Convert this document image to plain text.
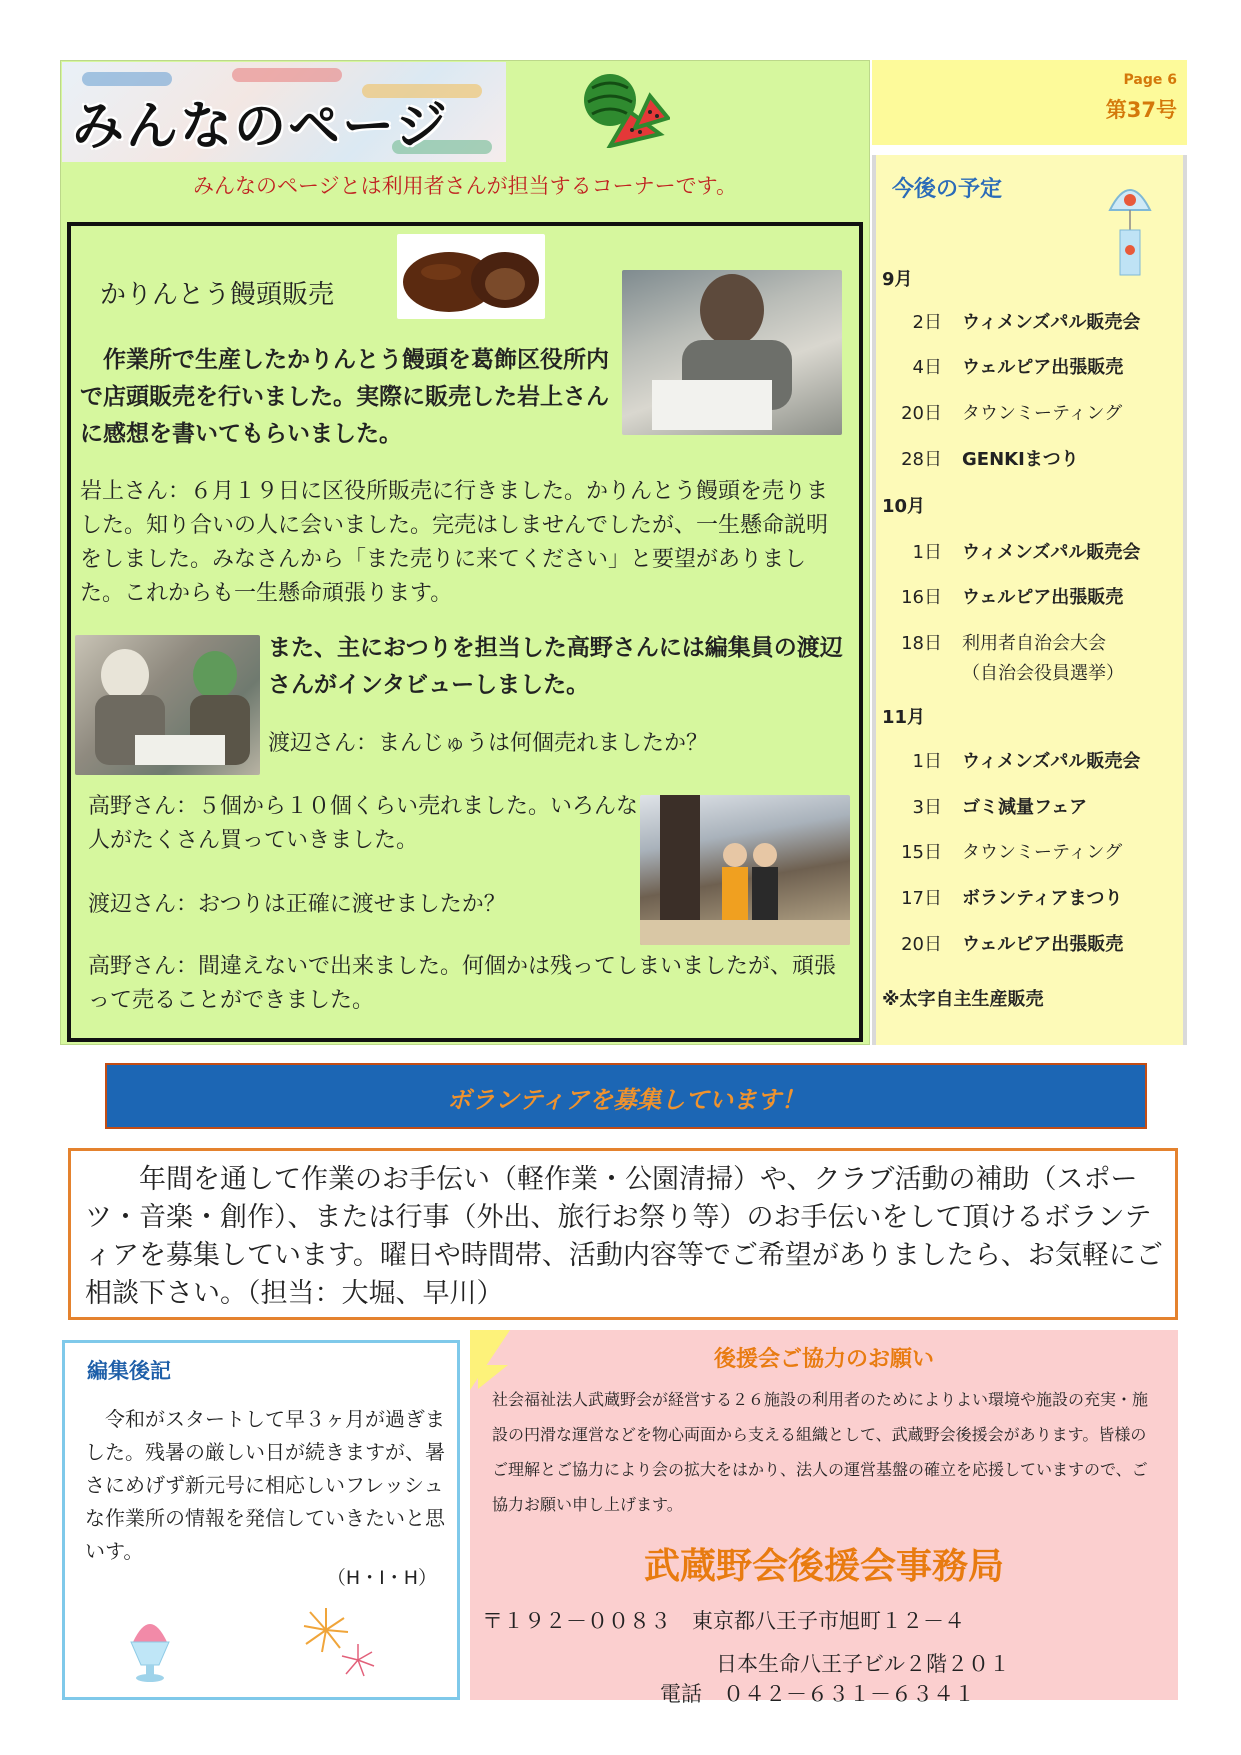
みんなのページ
みんなのページとは利用者さんが担当するコーナーです。
かりんとう饅頭販売
作業所で生産したかりんとう饅頭を葛飾区役所内で店頭販売を行いました。実際に販売した岩上さんに感想を書いてもらいました。
岩上さん：６月１９日に区役所販売に行きました。かりんとう饅頭を売りました。知り合いの人に会いました。完売はしませんでしたが、一生懸命説明をしました。みなさんから「また売りに来てください」と要望がありました。これからも一生懸命頑張ります。
また、主におつりを担当した高野さんには編集員の渡辺さんがインタビューしました。
渡辺さん：まんじゅうは何個売れましたか？
高野さん：５個から１０個くらい売れました。いろんな人がたくさん買っていきました。
渡辺さん：おつりは正確に渡せましたか？
高野さん：間違えないで出来ました。何個かは残ってしまいましたが、頑張って売ることができました。
Page 6
第37号
今後の予定
9月
2日 ウィメンズパル販売会
4日 ウェルピア出張販売
20日 タウンミーティング
28日 GENKIまつり
10月
1日 ウィメンズパル販売会
16日 ウェルピア出張販売
18日 利用者自治会大会
（自治会役員選挙）
11月
1日 ウィメンズパル販売会
3日 ゴミ減量フェア
15日 タウンミーティング
17日 ボランティアまつり
20日 ウェルピア出張販売
※太字自主生産販売
ボランティアを募集しています！
年間を通して作業のお手伝い（軽作業・公園清掃）や、クラブ活動の補助（スポーツ・音楽・創作）、または行事（外出、旅行お祭り等）のお手伝いをして頂けるボランティアを募集しています。曜日や時間帯、活動内容等でご希望がありましたら、お気軽にご相談下さい。（担当：大堀、早川）
編集後記
令和がスタートして早３ヶ月が過ぎました。残暑の厳しい日が続きますが、暑さにめげず新元号に相応しいフレッシュな作業所の情報を発信していきたいと思いす。
（H・I・H）
後援会ご協力のお願い
社会福祉法人武蔵野会が経営する２６施設の利用者のためによりよい環境や施設の充実・施設の円滑な運営などを物心両面から支える組織として、武蔵野会後援会があります。皆様のご理解とご協力により会の拡大をはかり、法人の運営基盤の確立を応援していますので、ご協力お願い申し上げます。
武蔵野会後援会事務局
〒１９２－００８３　東京都八王子市旭町１２－４
日本生命八王子ビル２階２０１
電話　０４２－６３１－６３４１
